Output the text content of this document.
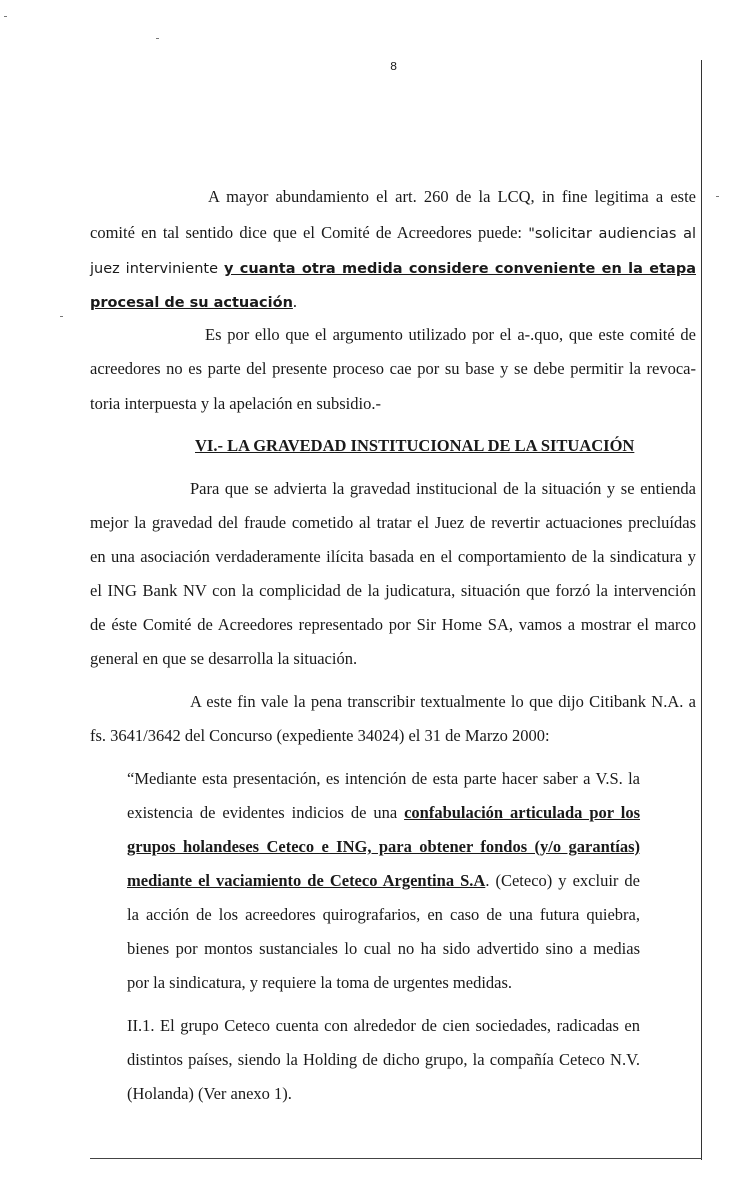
8
A mayor abundamiento el art. 260 de la LCQ, in fine legitima a este
comité en tal sentido dice que el Comité de Acreedores puede: "solicitar audiencias al
juez interviniente y cuanta otra medida considere conveniente en la etapa
procesal de su actuación.
Es por ello que el argumento utilizado por el a-.quo, que este comité de
acreedores no es parte del presente proceso cae por su base y se debe permitir la revoca-
toria interpuesta y la apelación en subsidio.-
VI.- LA GRAVEDAD INSTITUCIONAL DE LA SITUACIÓN
Para que se advierta la gravedad institucional de la situación y se entienda
mejor la gravedad del fraude cometido al tratar el Juez de revertir actuaciones precluídas
en una asociación verdaderamente ilícita basada en el comportamiento de la sindicatura y
el ING Bank NV con la complicidad de la judicatura, situación que forzó la intervención
de éste Comité de Acreedores representado por Sir Home SA, vamos a mostrar el marco
general en que se desarrolla la situación.
A este fin vale la pena transcribir textualmente lo que dijo Citibank N.A. a
fs. 3641/3642 del Concurso (expediente 34024) el 31 de Marzo 2000:
“Mediante esta presentación, es intención de esta parte hacer saber a V.S. la
existencia de evidentes indicios de una confabulación articulada por los
grupos holandeses Ceteco e ING, para obtener fondos (y/o garantías)
mediante el vaciamiento de Ceteco Argentina S.A. (Ceteco) y excluir de
la acción de los acreedores quirografarios, en caso de una futura quiebra,
bienes por montos sustanciales lo cual no ha sido advertido sino a medias
por la sindicatura, y requiere la toma de urgentes medidas.
II.1. El grupo Ceteco cuenta con alrededor de cien sociedades, radicadas en
distintos países, siendo la Holding de dicho grupo, la compañía Ceteco N.V.
(Holanda) (Ver anexo 1).
